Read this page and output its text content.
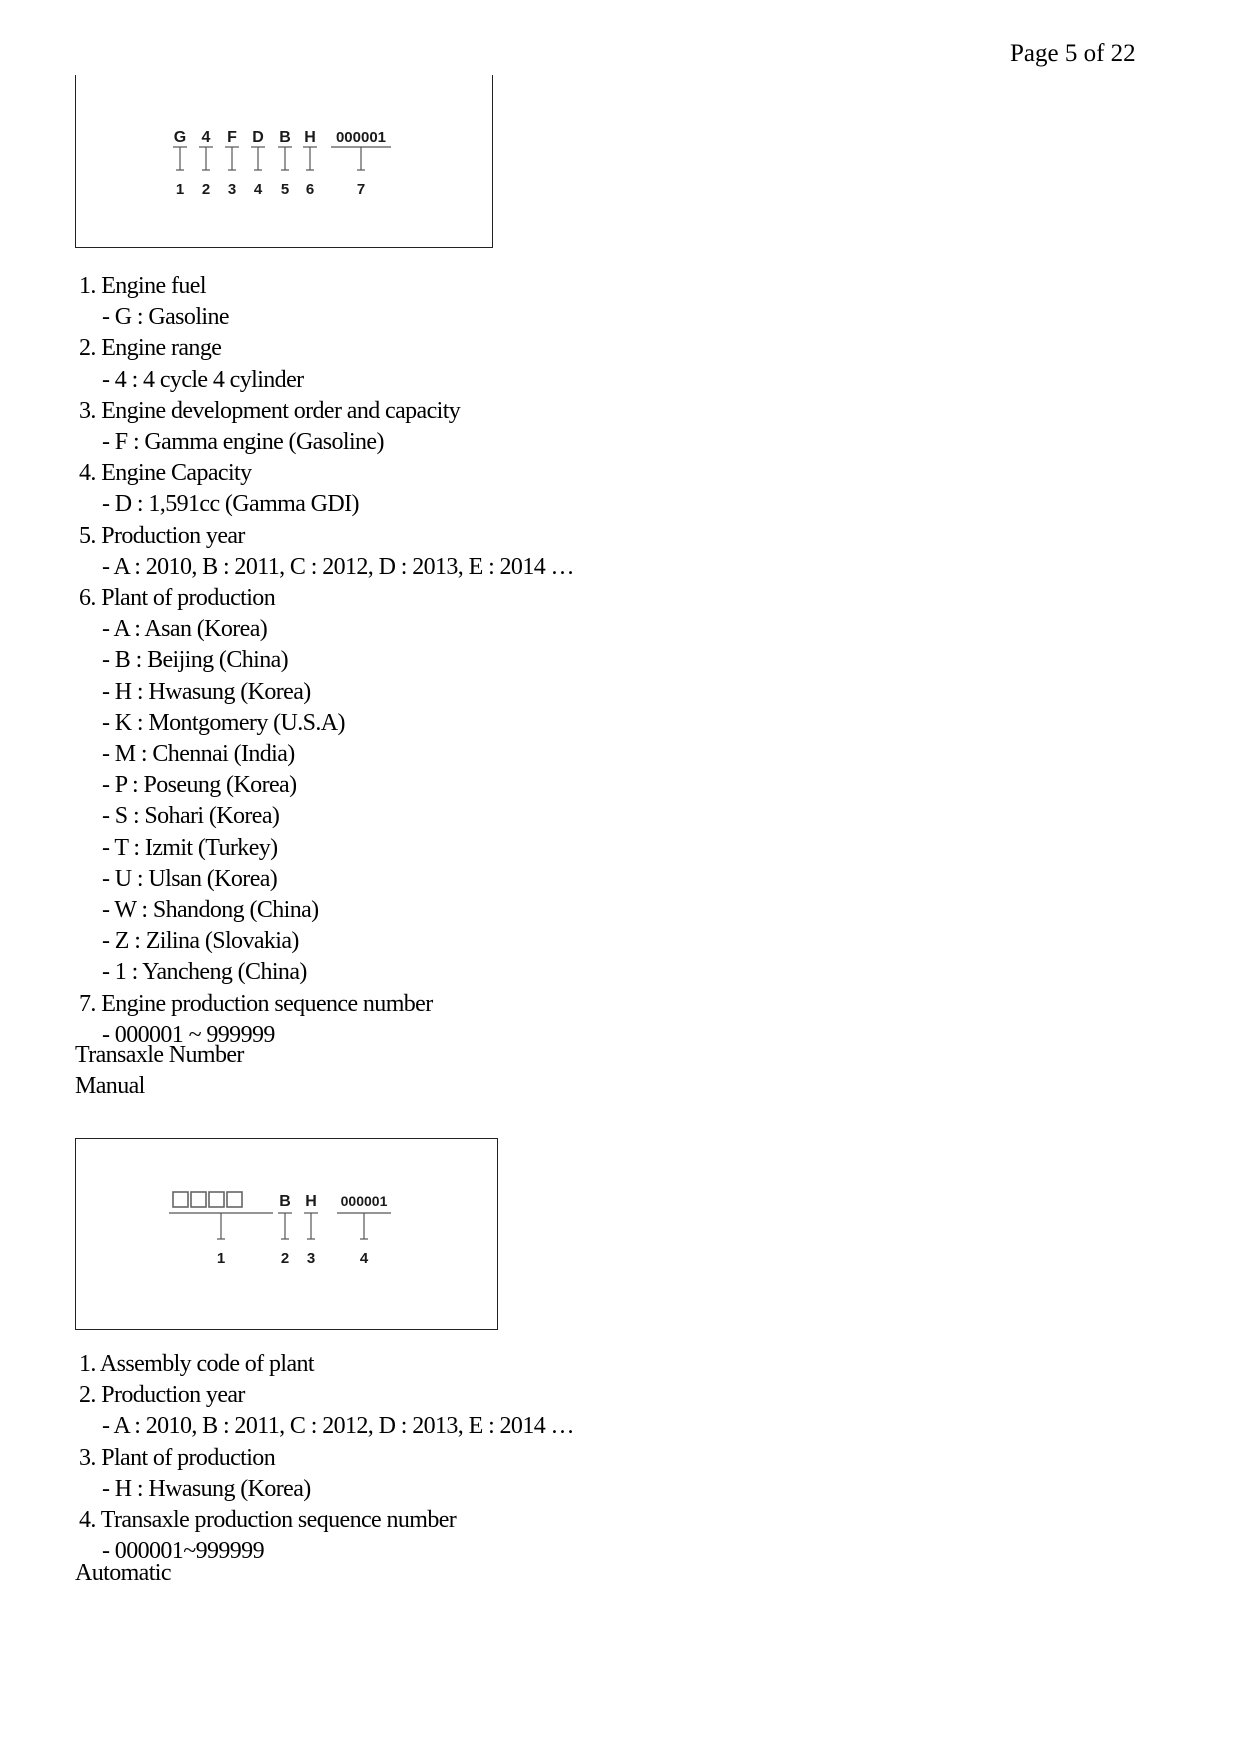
Page 5 of 22
G 4 F D B H 000001
1 2 3 4 5 6	7
1. Engine fuel
- G : Gasoline
2. Engine range
- 4 : 4 cycle 4 cylinder
3. Engine development order and capacity
- F : Gamma engine (Gasoline)
4. Engine Capacity
- D : 1,591cc (Gamma GDI)
5. Production year
- A : 2010, B : 2011, C : 2012, D : 2013, E : 2014 …
6. Plant of production
- A : Asan (Korea)
- B : Beijing (China)
- H : Hwasung (Korea)
- K : Montgomery (U.S.A)
- M : Chennai (India)
- P : Poseung (Korea)
- S : Sohari (Korea)
- T : Izmit (Turkey)
- U : Ulsan (Korea)
- W : Shandong (China)
- Z : Zilina (Slovakia)
- 1 : Yancheng (China)
7. Engine production sequence number
- 000001 ~ 999999
Transaxle Number
Manual
B H 000001
1	2 3	4
1. Assembly code of plant
2. Production year
- A : 2010, B : 2011, C : 2012, D : 2013, E : 2014 …
3. Plant of production
- H : Hwasung (Korea)
4. Transaxle production sequence number
- 000001~999999
Automatic
